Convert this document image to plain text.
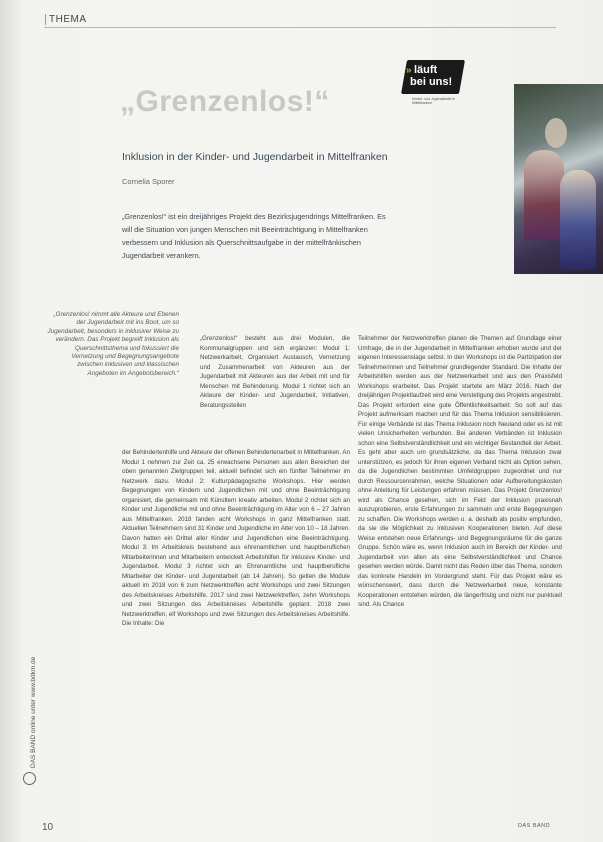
THEMA
» läuft
bei uns!
Kinder- und Jugendarbeit in Mittelfranken
„Grenzenlos!“
Inklusion in der Kinder- und Jugendarbeit in Mittelfranken
Cornelia Sporer
„Grenzenlos!“ ist ein dreijähriges Projekt des Bezirksjugendrings Mittelfranken. Es will die Situation von jungen Menschen mit Beeinträchtigung in Mittelfranken verbessern und Inklusion als Querschnittsaufgabe in der mittelfränkischen Jugendarbeit verankern.
„Grenzenlos! nimmt alle Akteure und Ebenen der Jugendarbeit mit ins Boot, um so Jugendarbeit, besonders in inklusiver Weise zu verändern. Das Projekt begreift Inklusion als Querschnittsthema und fokussiert die Vernetzung und Begegnungsangebote zwischen inklusiven und klassischen Angeboten im Angebotsbereich.“
„Grenzenlos!“ besteht aus drei Modulen, die Kommunalgruppen und sich ergänzen: Modul 1: Netzwerkarbeit, Organisiert Austausch, Vernetzung und Zusammenarbeit von Akteuren aus der Jugendarbeit mit Akteuren aus der Arbeit mit und für Menschen mit Behinderung. Modul 1 richtet sich an Akteure der Kinder- und Jugendarbeit, Initiativen, Beratungsstellen
der Behindertenhilfe und Akteure der offenen Behindertenarbeit in Mittelfranken. An Modul 1 nehmen zur Zeit ca. 25 erwachsene Personen aus allen Bereichen der oben genannten Zielgruppen teil, aktuell befindet sich ein fünfter Teilnehmer im Netzwerk dazu. Modul 2: Kulturpädagogische Workshops. Hier werden Begegnungen von Kindern und Jugendlichen mit und ohne Beeinträchtigung organisiert, die gemeinsam mit Künstlern kreativ arbeiten. Modul 2 richtet sich an Kinder und Jugendliche mit und ohne Beeinträchtigung im Alter von 6 – 27 Jahren aus Mittelfranken. 2018 fanden acht Workshops in ganz Mittelfranken statt. Aktuellen Teilnehmern sind 31 Kinder und Jugendliche im Alter von 10 – 18 Jahren. Davon hatten ein Drittel aller Kinder und Jugendlichen eine Beeinträchtigung. Modul 3: Im Arbeitskreis bestehend aus ehrenamtlichen und hauptberuflichen Mitarbeiterinnen und Mitarbeitern entwickelt Arbeitshilfen für inklusive Kinder- und Jugendarbeit. Modul 3 richtet sich an Ehrenamtliche und hauptberufliche Mitarbeiter der Kinder- und Jugendarbeit (ab 14 Jahren). So gelten die Module aktuell im 2018 von 6 zum Netzwerktreffen acht Workshops und zwei Sitzungen des Arbeitskreises Arbeitshilfe. 2017 sind zwei Netzwerktreffen, zehn Workshops und zwei Sitzungen des Arbeitskreises Arbeitshilfe geplant. 2018 zwei Netzwerktreffen, elf Workshops und zwei Sitzungen des Arbeitskreises Arbeitshilfe. Die Inhalte: Die
Teilnehmer der Netzwerktreffen planen die Themen auf Grundlage einer Umfrage, die in der Jugendarbeit in Mittelfranken erhoben wurde und der eigenen Interessenslage selbst. In den Workshops ist die Partizipation der Teilnehmerinnen und Teilnehmer grundlegender Standard. Die Inhalte der Arbeitshilfen werden aus der Netzwerkarbeit und aus den Praxisfeld Workshops erarbeitet. Das Projekt startete am März 2016. Nach der dreijährigen Projektlaufzeit wird eine Verstetigung des Projekts angestrebt. Das Projekt erfordert eine gute Öffentlichkeitsarbeit: So soll auf das Projekt aufmerksam machen und für das Thema Inklusion sensibilisieren. Für einige Verbände ist das Thema Inklusion noch Neuland oder es ist mit vielen Unsicherheiten verbunden. Bei anderen Verbänden ist Inklusion schon eine Selbstverständlichkeit und ein wichtiger Bestandteil der Arbeit. Es geht aber auch um grundsätzliche, da das Thema Inklusion zwar unterstützen, es jedoch für ihren eigenen Verband nicht als Option sehen, da die Jugendlichen bestimmten Umfeldgruppen zugeordnet und nur durch Ressourcenrahmen, welche Situationen oder Aufbereitungskosten ohne Anleitung für Leistungen erfahren müssen. Das Projekt Grenzenlos! wird als Chance gesehen, sich im Feld der Inklusion praxisnah auszuprobieren, erste Erfahrungen zu sammeln und erste Begegnungen zu schaffen. Die Workshops werden u. a. deshalb als positiv empfunden, da sie die Möglichkeit zu inklusiven Kooperationen bieten. Auf diese Weise entstehen neue Erfahrungs- und Begegnungsräume für die ganze Gruppe. Schön wäre es, wenn Inklusion auch im Bereich der Kinder- und Jugendarbeit von allen als eine Selbstverständlichkeit und Chance gesehen werden würde. Damit nicht das Reden über das Thema, sondern das konkrete Handeln im Vordergrund steht. Für das Projekt wäre es wünschenswert, dass durch die Netzwerkarbeit neue, konstante Kooperationen entstehen würden, die längerfristig und nicht nur punktuell sind. Als Chance
DAS BAND online unter www.bdkm.de
10	DAS BAND
